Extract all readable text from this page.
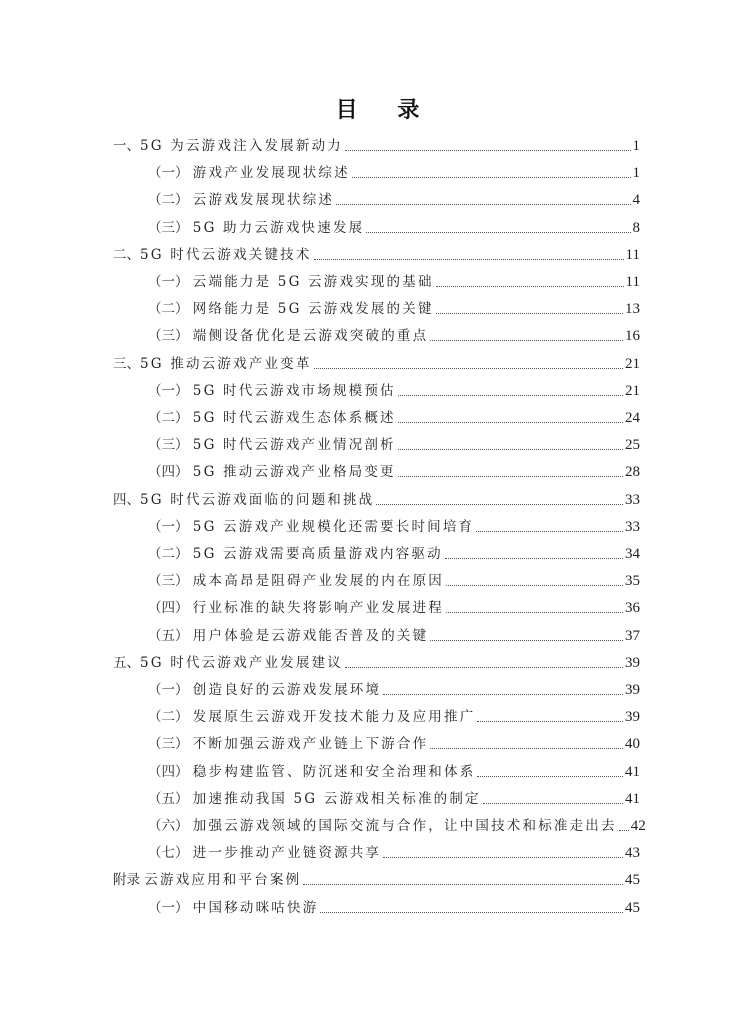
目 录
一、 5G 为云游戏注入发展新动力	1
（一） 游戏产业发展现状综述	1
（二） 云游戏发展现状综述	4
（三） 5G 助力云游戏快速发展	8
二、 5G 时代云游戏关键技术	11
（一） 云端能力是 5G 云游戏实现的基础	11
（二） 网络能力是 5G 云游戏发展的关键	13
（三） 端侧设备优化是云游戏突破的重点	16
三、 5G 推动云游戏产业变革	21
（一） 5G 时代云游戏市场规模预估	21
（二） 5G 时代云游戏生态体系概述	24
（三） 5G 时代云游戏产业情况剖析	25
（四） 5G 推动云游戏产业格局变更	28
四、 5G 时代云游戏面临的问题和挑战	33
（一） 5G 云游戏产业规模化还需要长时间培育	33
（二） 5G 云游戏需要高质量游戏内容驱动	34
（三） 成本高昂是阻碍产业发展的内在原因	35
（四） 行业标准的缺失将影响产业发展进程	36
（五） 用户体验是云游戏能否普及的关键	37
五、 5G 时代云游戏产业发展建议	39
（一） 创造良好的云游戏发展环境	39
（二） 发展原生云游戏开发技术能力及应用推广	39
（三） 不断加强云游戏产业链上下游合作	40
（四） 稳步构建监管、防沉迷和安全治理和体系	41
（五） 加速推动我国 5G 云游戏相关标准的制定	41
（六） 加强云游戏领域的国际交流与合作，让中国技术和标准走出去 42
（七） 进一步推动产业链资源共享	43
附录 云游戏应用和平台案例	45
（一） 中国移动咪咕快游	45
